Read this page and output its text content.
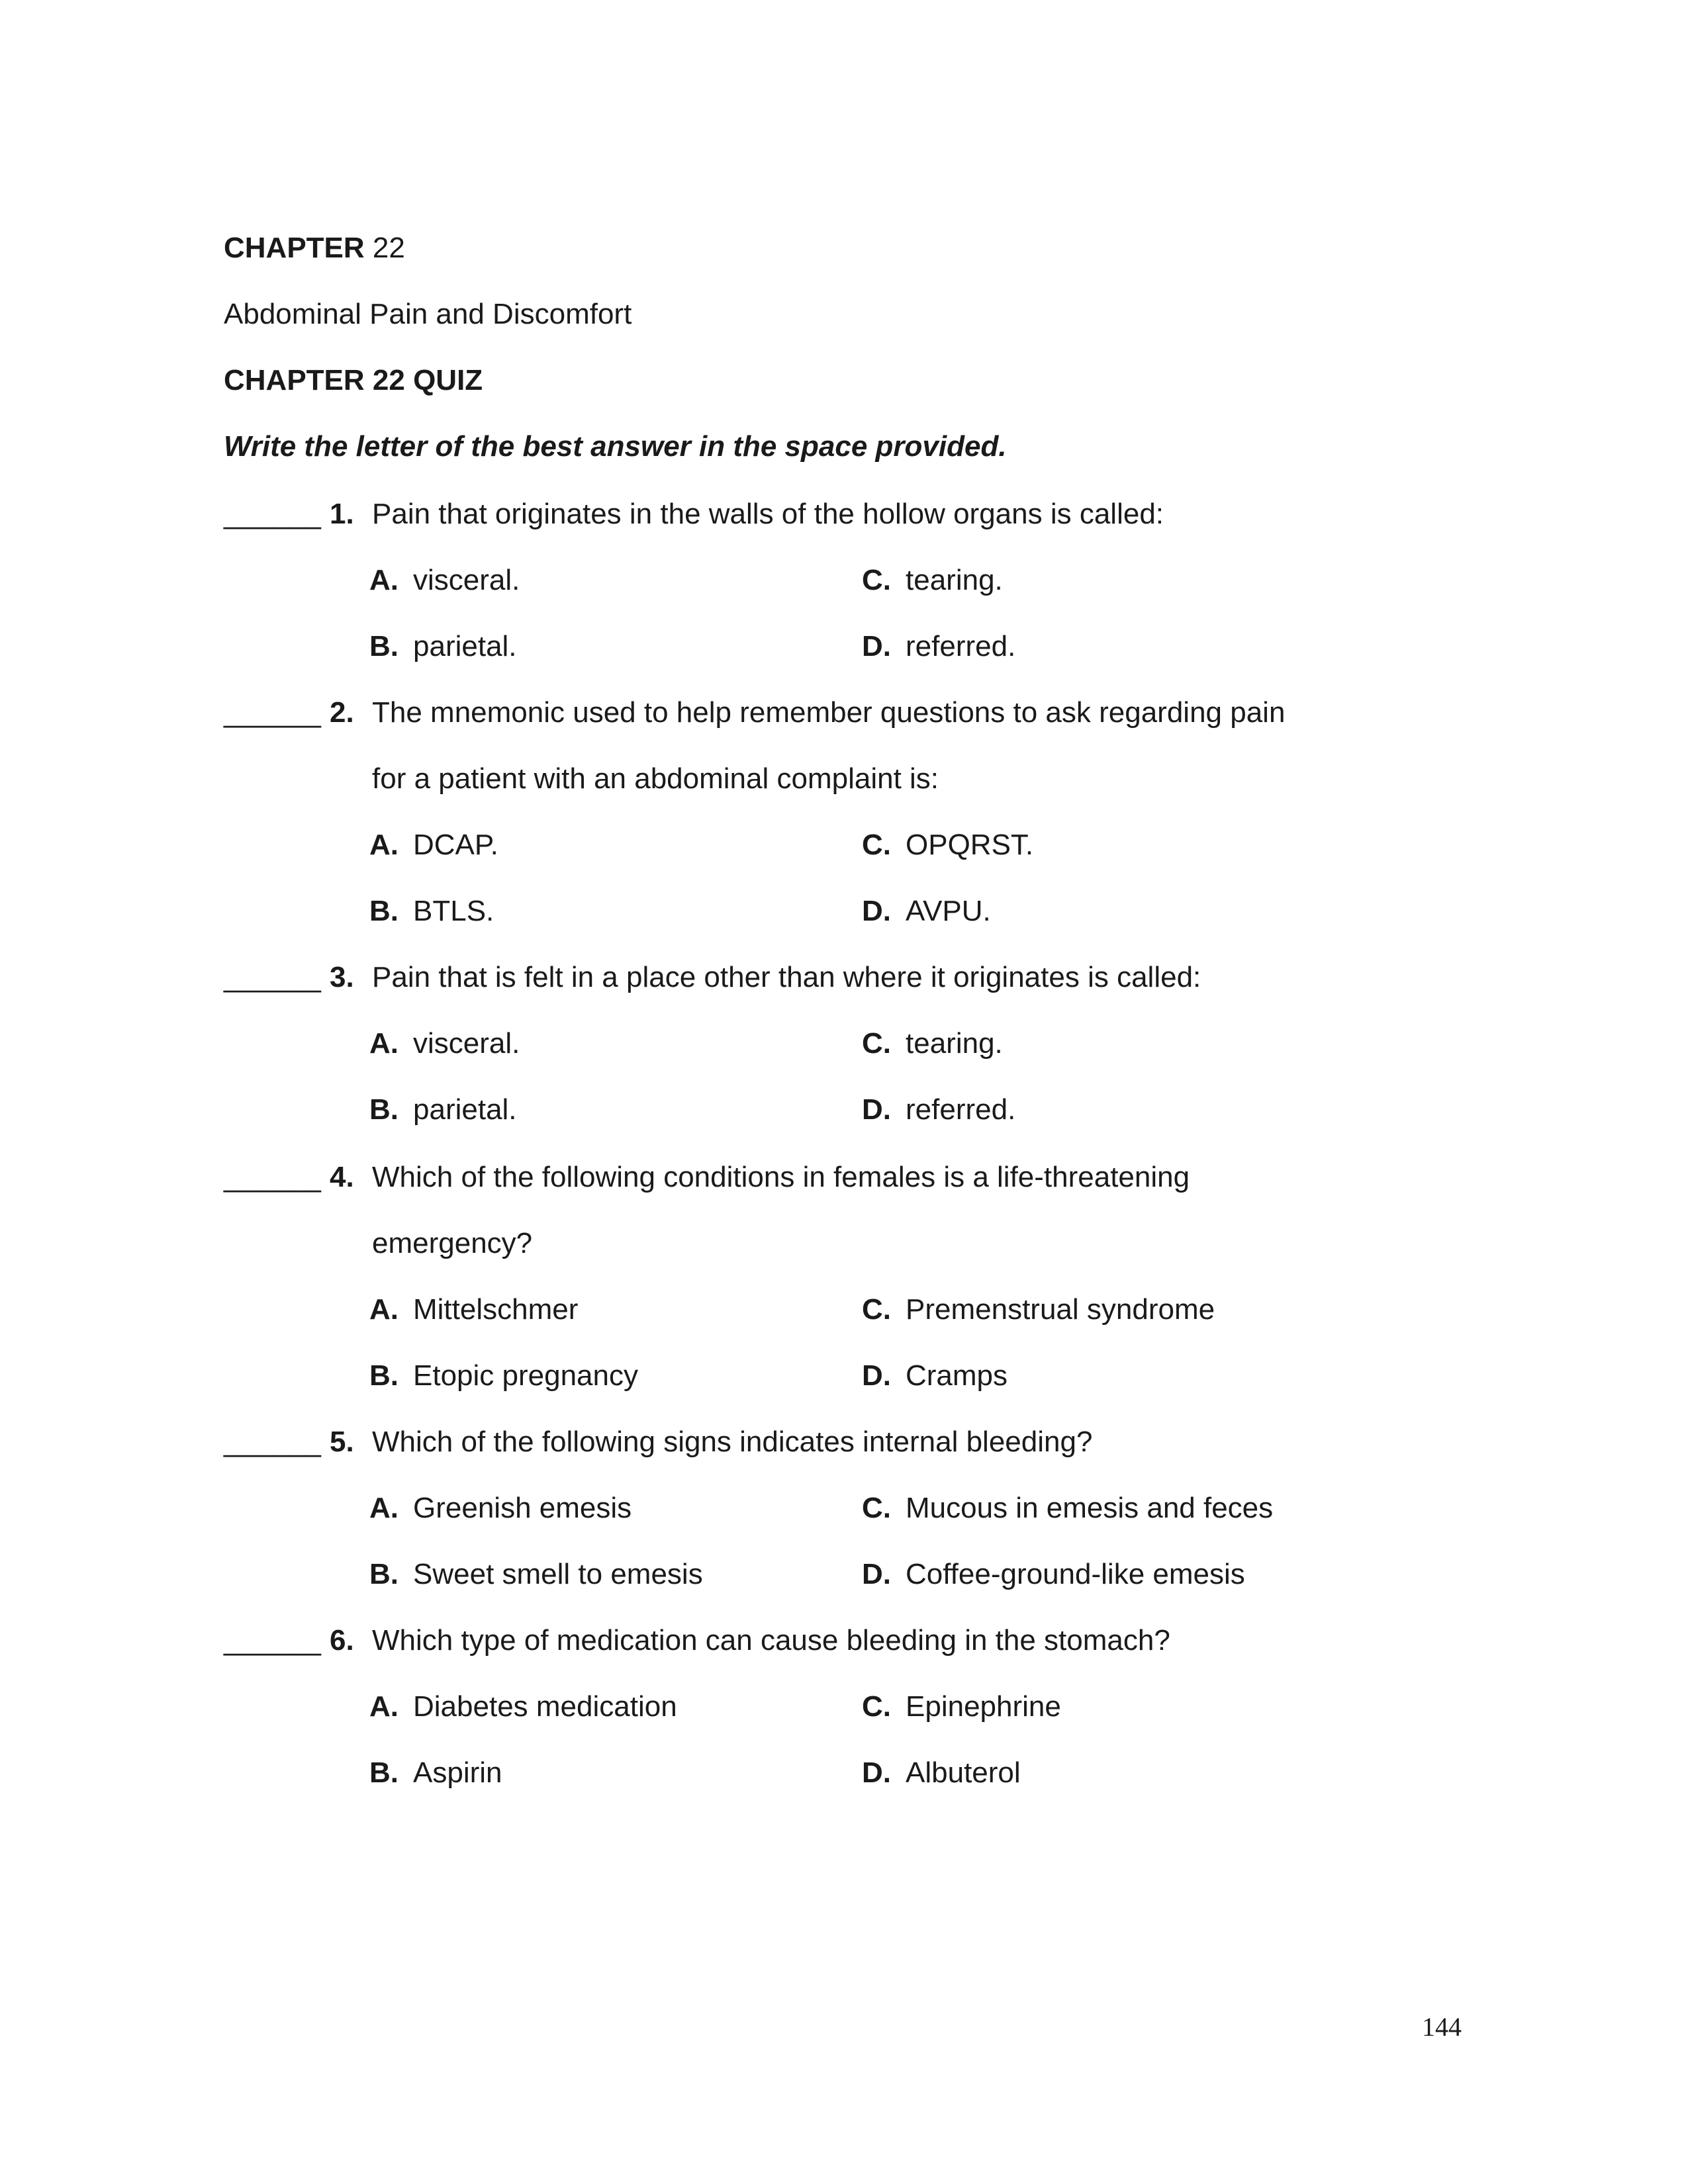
CHAPTER 22
Abdominal Pain and Discomfort
CHAPTER 22 QUIZ
Write the letter of the best answer in the space provided.
______ 1. Pain that originates in the walls of the hollow organs is called:
A. visceral.
B. parietal.
C. tearing.
D. referred.
______ 2. The mnemonic used to help remember questions to ask regarding pain
for a patient with an abdominal complaint is:
A. DCAP.
B. BTLS.
C. OPQRST.
D. AVPU.
______ 3. Pain that is felt in a place other than where it originates is called:
A. visceral.
B. parietal.
C. tearing.
D. referred.
______ 4. Which of the following conditions in females is a life-threatening
emergency?
A. Mittelschmer
B. Etopic pregnancy
C. Premenstrual syndrome
D. Cramps
______ 5. Which of the following signs indicates internal bleeding?
A. Greenish emesis
B. Sweet smell to emesis
C. Mucous in emesis and feces
D. Coffee-ground-like emesis
______ 6. Which type of medication can cause bleeding in the stomach?
A. Diabetes medication
B. Aspirin
C. Epinephrine
D. Albuterol
144
